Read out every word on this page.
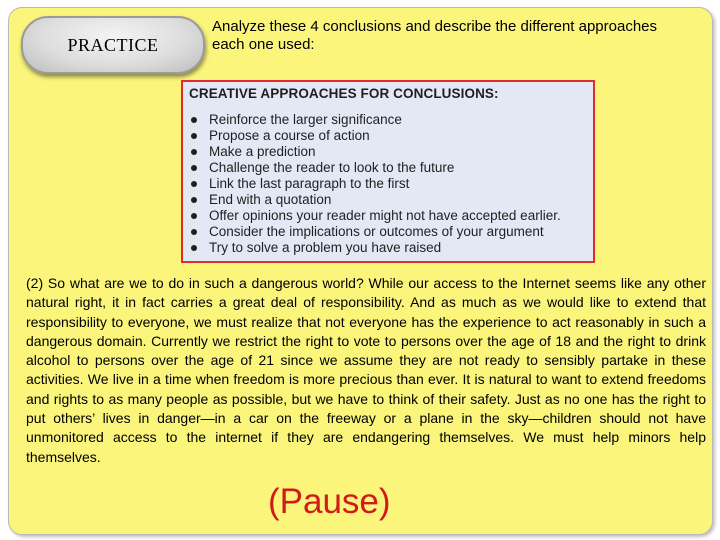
PRACTICE
Analyze these 4 conclusions and describe the different approaches each one used:
CREATIVE APPROACHES FOR CONCLUSIONS:
Reinforce the larger significance
Propose a course of action
Make a prediction
Challenge the reader to look to the future
Link the last paragraph to the first
End with a quotation
Offer opinions your reader might not have accepted earlier.
Consider the implications or outcomes of your argument
Try to solve a problem you have raised
(2) So what are we to do in such a dangerous world? While our access to the Internet seems like any other natural right, it in fact carries a great deal of responsibility. And as much as we would like to extend that responsibility to everyone, we must realize that not everyone has the experience to act reasonably in such a dangerous domain. Currently we restrict the right to vote to persons over the age of 18 and the right to drink alcohol to persons over the age of 21 since we assume they are not ready to sensibly partake in these activities. We live in a time when freedom is more precious than ever. It is natural to want to extend freedoms and rights to as many people as possible, but we have to think of their safety. Just as no one has the right to put others’ lives in danger—in a car on the freeway or a plane in the sky—children should not have unmonitored access to the internet if they are endangering themselves. We must help minors help themselves.
(Pause)
